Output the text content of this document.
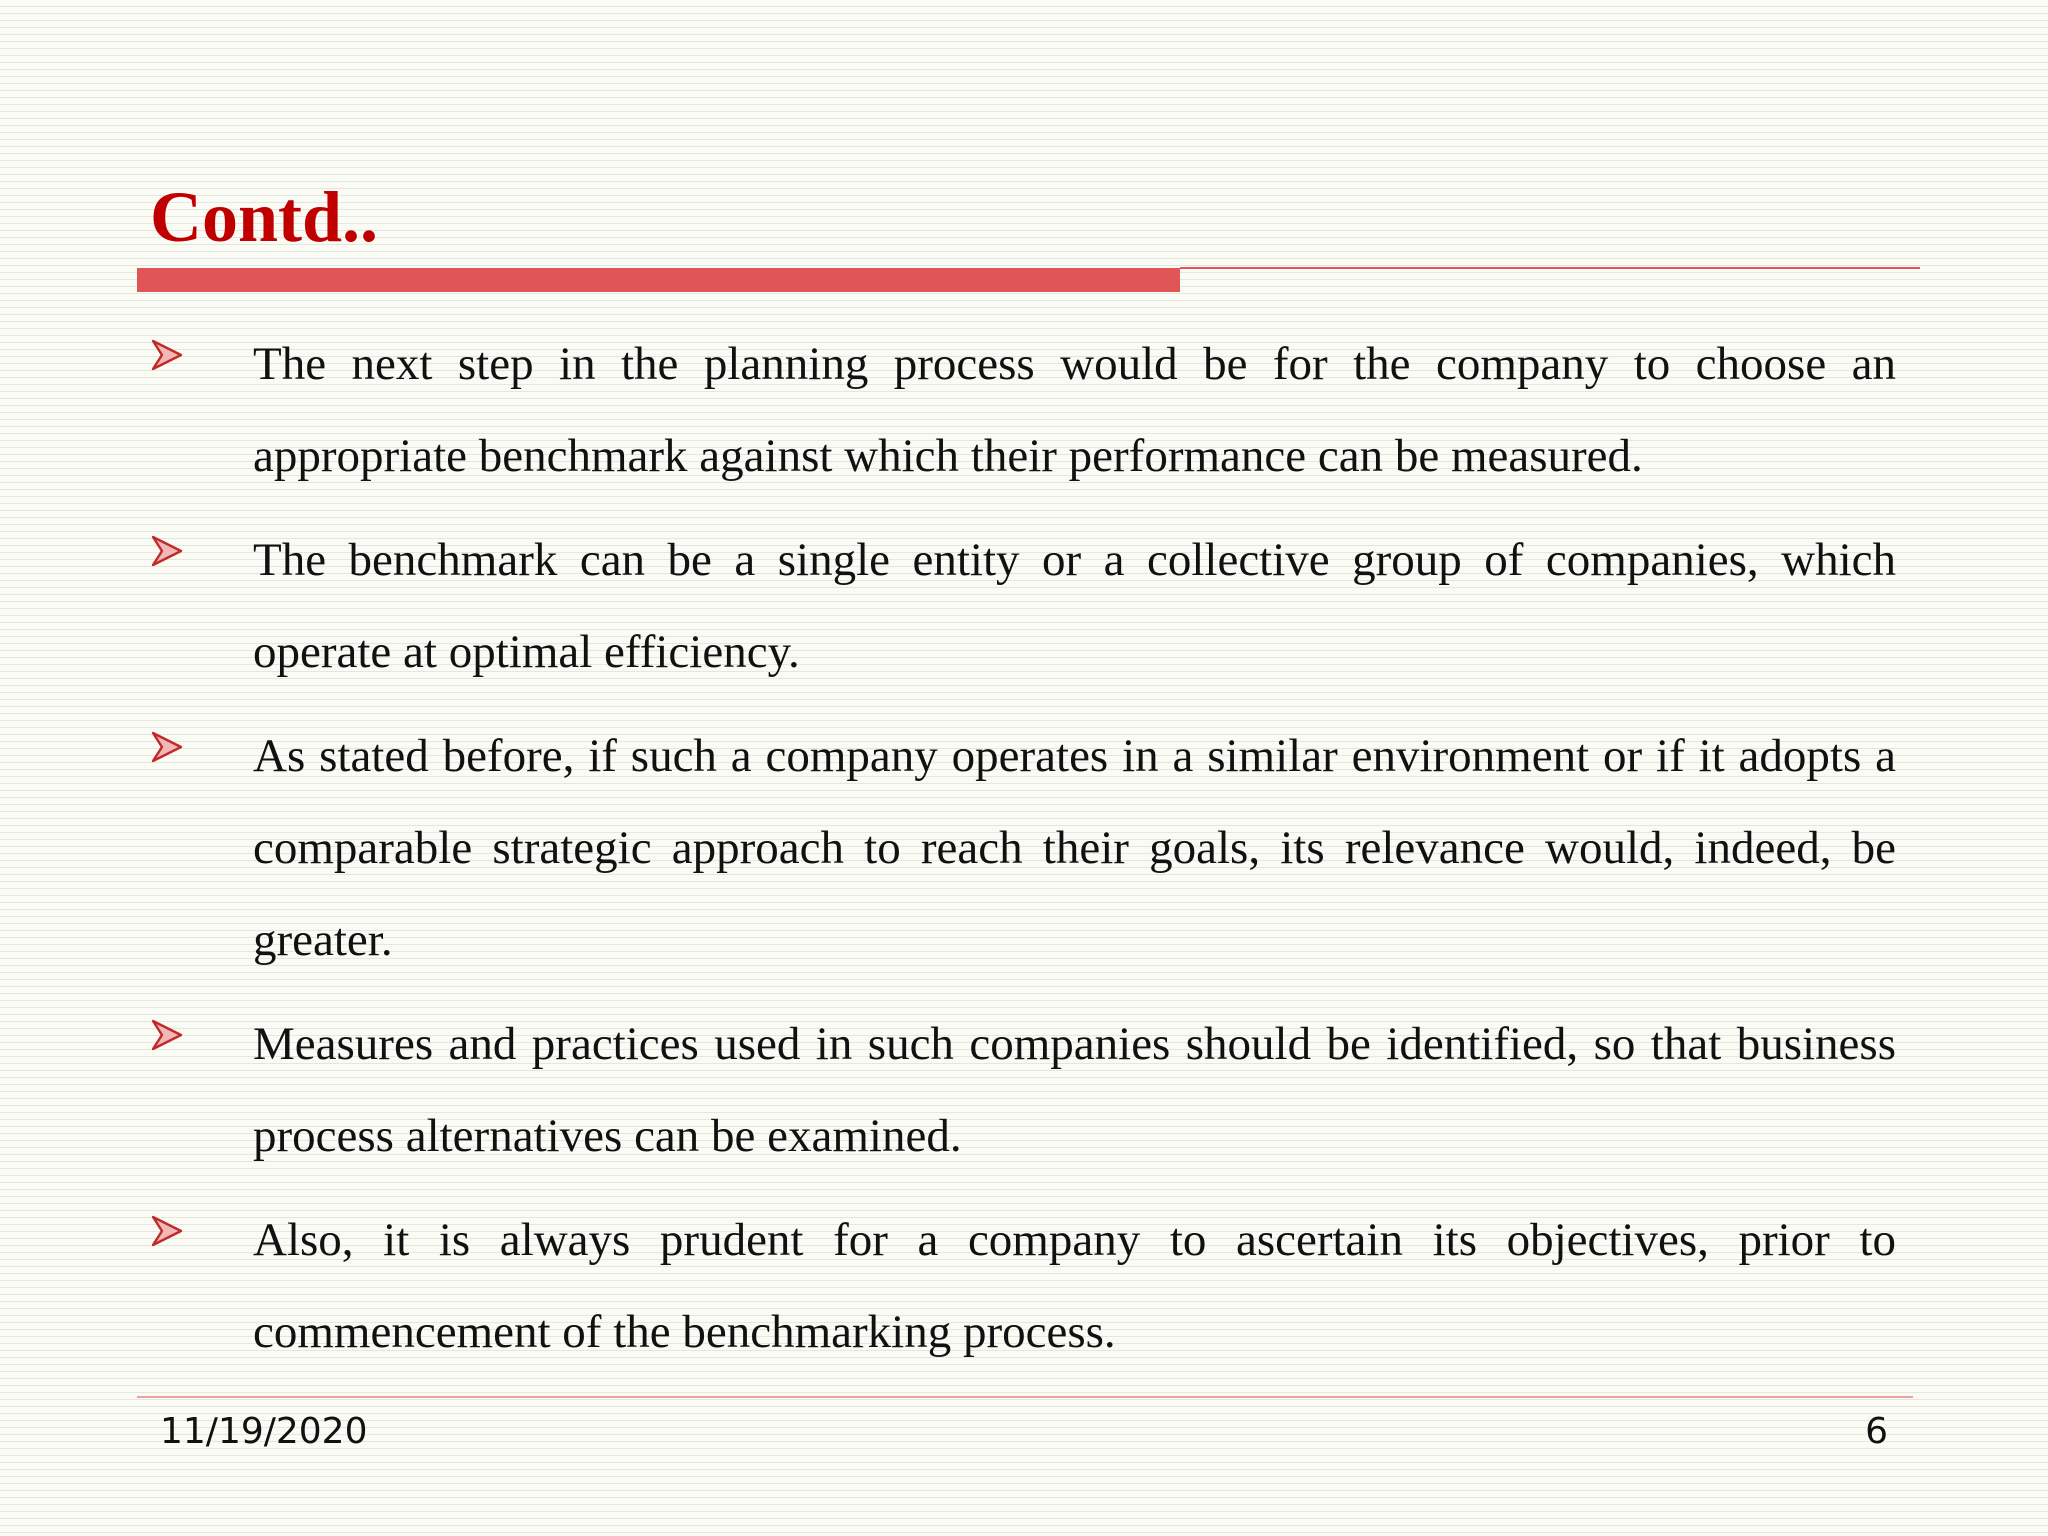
Contd..

The next step in the planning process would be for the company to choose an appropriate benchmark against which their performance can be measured.

The benchmark can be a single entity or a collective group of companies, which operate at optimal efficiency.

As stated before, if such a company operates in a similar environment or if it adopts a comparable strategic approach to reach their goals, its relevance would, indeed, be greater.

Measures and practices used in such companies should be identified, so that business process alternatives can be examined.

Also, it is always prudent for a company to ascertain its objectives, prior to commencement of the benchmarking process.

11/19/2020	6
